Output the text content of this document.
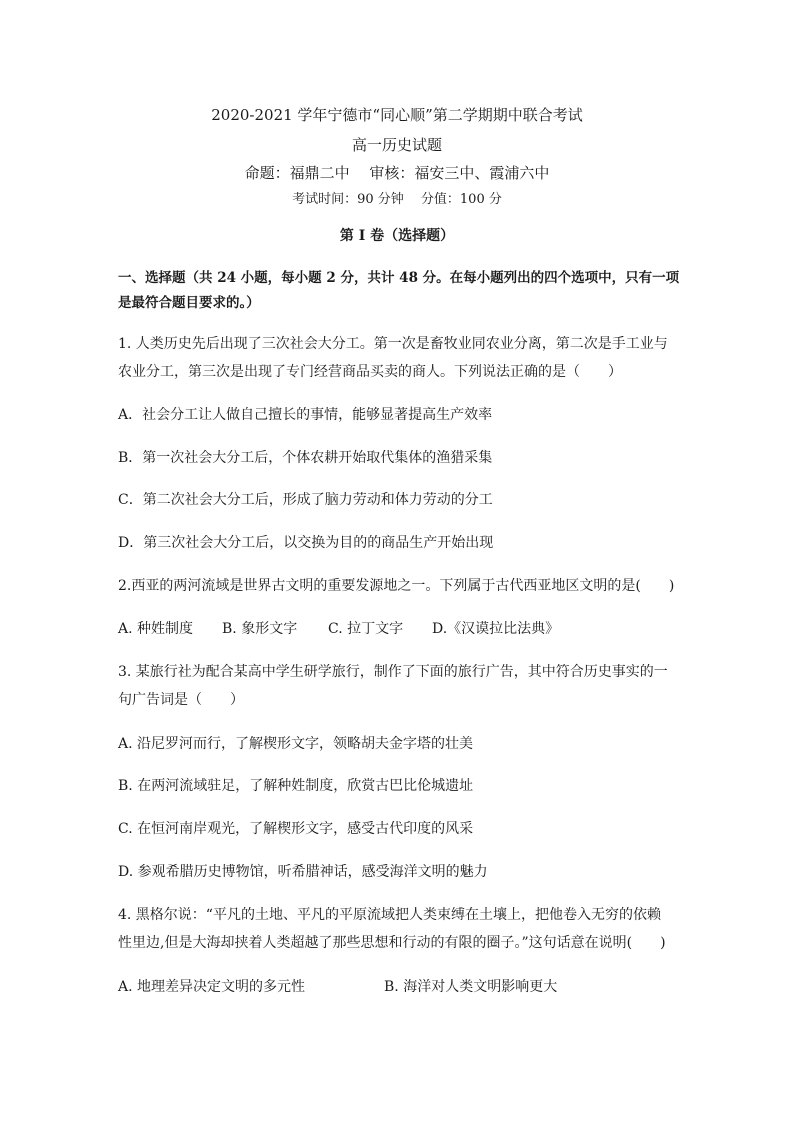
2020-2021 学年宁德市“同心顺”第二学期期中联合考试
高一历史试题
命题：福鼎二中　 审核：福安三中、霞浦六中
考试时间：90 分钟　 分值：100 分
第 I 卷（选择题）
一、选择题（共 24 小题，每小题 2 分，共计 48 分。在每小题列出的四个选项中，只有一项
是最符合题目要求的。）
1. 人类历史先后出现了三次社会大分工。第一次是畜牧业同农业分离，第二次是手工业与
农业分工，第三次是出现了专门经营商品买卖的商人。下列说法正确的是（　　）
A．社会分工让人做自己擅长的事情，能够显著提高生产效率
B．第一次社会大分工后，个体农耕开始取代集体的渔猎采集
C．第二次社会大分工后，形成了脑力劳动和体力劳动的分工
D．第三次社会大分工后，以交换为目的的商品生产开始出现
2.西亚的两河流域是世界古文明的重要发源地之一。下列属于古代西亚地区文明的是(　　)
A. 种姓制度 B. 象形文字 C. 拉丁文字 D.《汉谟拉比法典》
3. 某旅行社为配合某高中学生研学旅行，制作了下面的旅行广告，其中符合历史事实的一
句广告词是（　　）
A. 沿尼罗河而行，了解楔形文字，领略胡夫金字塔的壮美
B. 在两河流域驻足，了解种姓制度，欣赏古巴比伦城遗址
C. 在恒河南岸观光，了解楔形文字，感受古代印度的风采
D. 参观希腊历史博物馆，听希腊神话，感受海洋文明的魅力
4. 黑格尔说：“平凡的土地、平凡的平原流域把人类束缚在土壤上，把他卷入无穷的依赖
性里边,但是大海却挟着人类超越了那些思想和行动的有限的圈子。”这句话意在说明(　　)
A. 地理差异决定文明的多元性	B. 海洋对人类文明影响更大
